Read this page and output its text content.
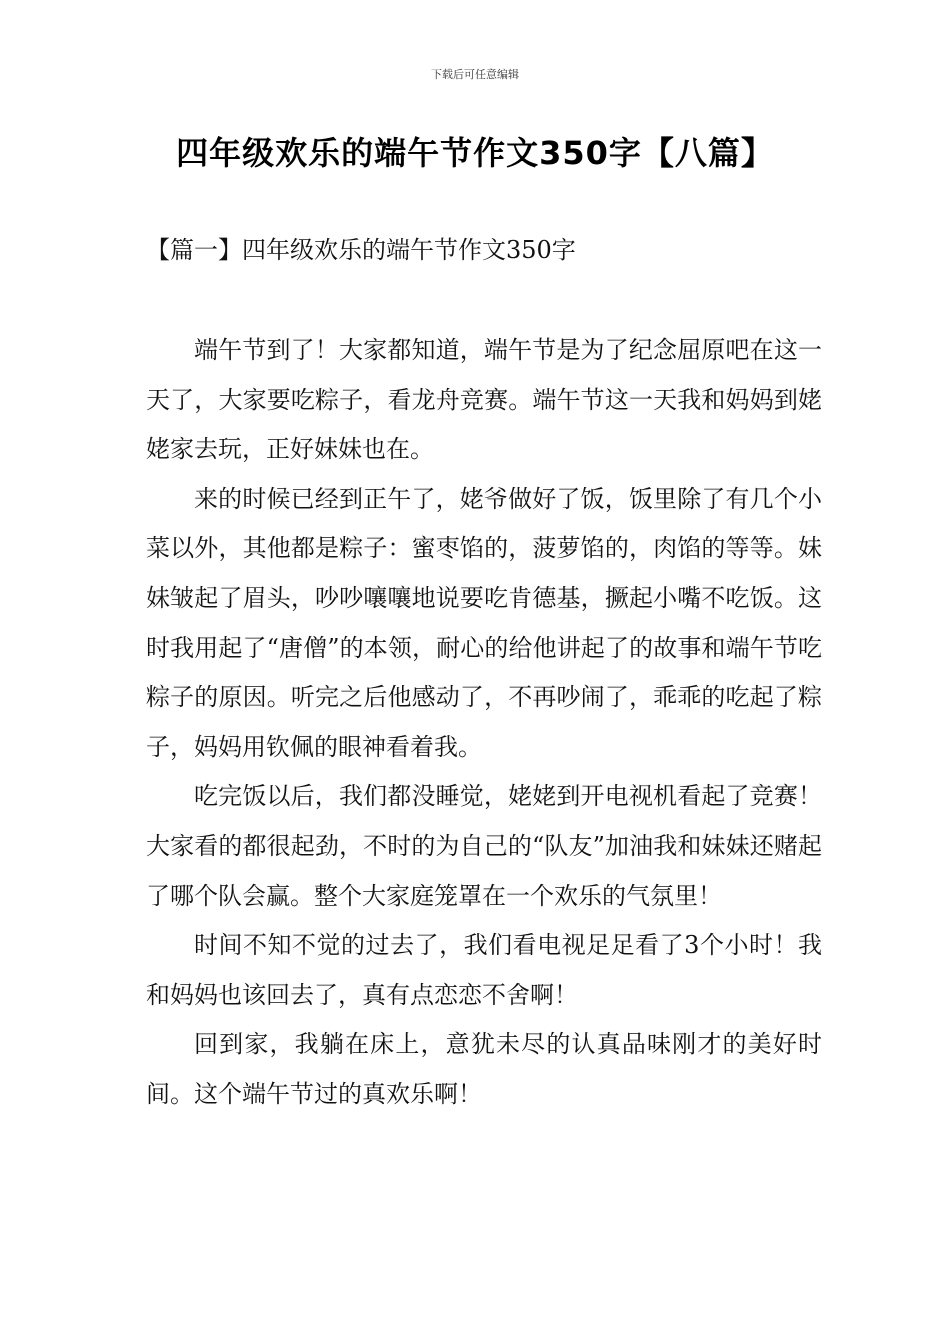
下载后可任意编辑
四年级欢乐的端午节作文350字【八篇】
【篇一】四年级欢乐的端午节作文350字

端午节到了！大家都知道，端午节是为了纪念屈原吧在这一天了，大家要吃粽子，看龙舟竞赛。端午节这一天我和妈妈到姥姥家去玩，正好妹妹也在。

来的时候已经到正午了，姥爷做好了饭，饭里除了有几个小菜以外，其他都是粽子：蜜枣馅的，菠萝馅的，肉馅的等等。妹妹皱起了眉头，吵吵嚷嚷地说要吃肯德基，撅起小嘴不吃饭。这时我用起了“唐僧”的本领，耐心的给他讲起了的故事和端午节吃粽子的原因。听完之后他感动了，不再吵闹了，乖乖的吃起了粽子，妈妈用钦佩的眼神看着我。

吃完饭以后，我们都没睡觉，姥姥到开电视机看起了竞赛！大家看的都很起劲，不时的为自己的“队友”加油我和妹妹还赌起了哪个队会赢。整个大家庭笼罩在一个欢乐的气氛里！

时间不知不觉的过去了，我们看电视足足看了3个小时！我和妈妈也该回去了，真有点恋恋不舍啊！

回到家，我躺在床上，意犹未尽的认真品味刚才的美好时间。这个端午节过的真欢乐啊！
